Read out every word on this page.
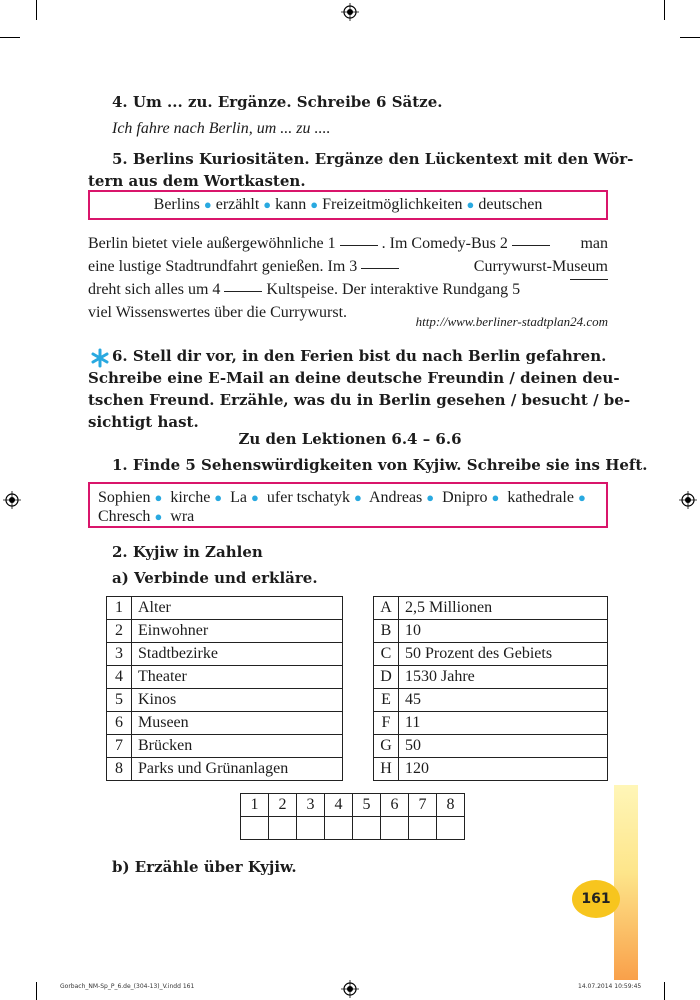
4. Um ... zu. Ergänze. Schreibe 6 Sätze.
Ich fahre nach Berlin, um ... zu ....
5. Berlins Kuriositäten. Ergänze den Lückentext mit den Wör-
tern aus dem Wortkasten.
Berlins ● erzählt ● kann ● Freizeitmöglichkeiten ● deutschen
Berlin bietet viele außergewöhnliche 1	. Im Comedy-Bus 2	man
eine lustige Stadtrundfahrt genießen. Im 3	Currywurst-Museum
dreht sich alles um 4	Kultspeise. Der interaktive Rundgang 5
viel Wissenswertes über die Currywurst.
http://www.berliner-stadtplan24.com
6. Stell dir vor, in den Ferien bist du nach Berlin gefahren.
Schreibe eine E-Mail an deine deutsche Freundin / deinen deu-
tschen Freund. Erzähle, was du in Berlin gesehen / besucht / be-
sichtigt hast.
Zu den Lektionen 6.4 – 6.6
1. Finde 5 Sehenswürdigkeiten von Kyjiw. Schreibe sie ins Heft.
Sophien ● kirche ● La ● ufer tschatyk ● Andreas ● Dnipro ● kathedrale ●
Chresch ● wra
2. Kyjiw in Zahlen
a) Verbinde und erkläre.
1	Alter
2	Einwohner
3	Stadtbezirke
4	Theater
5	Kinos
6	Museen
7	Brücken
8	Parks und Grünanlagen
A	2,5 Millionen
B	10
C	50 Prozent des Gebiets
D	1530 Jahre
E	45
F	11
G	50
H	120
1	2	3	4	5	6	7	8

b) Erzähle über Kyjiw.
161
Gorbach_NM-Sp_P_6.de_(304-13)_V.indd 161	14.07.2014 10:59:45
